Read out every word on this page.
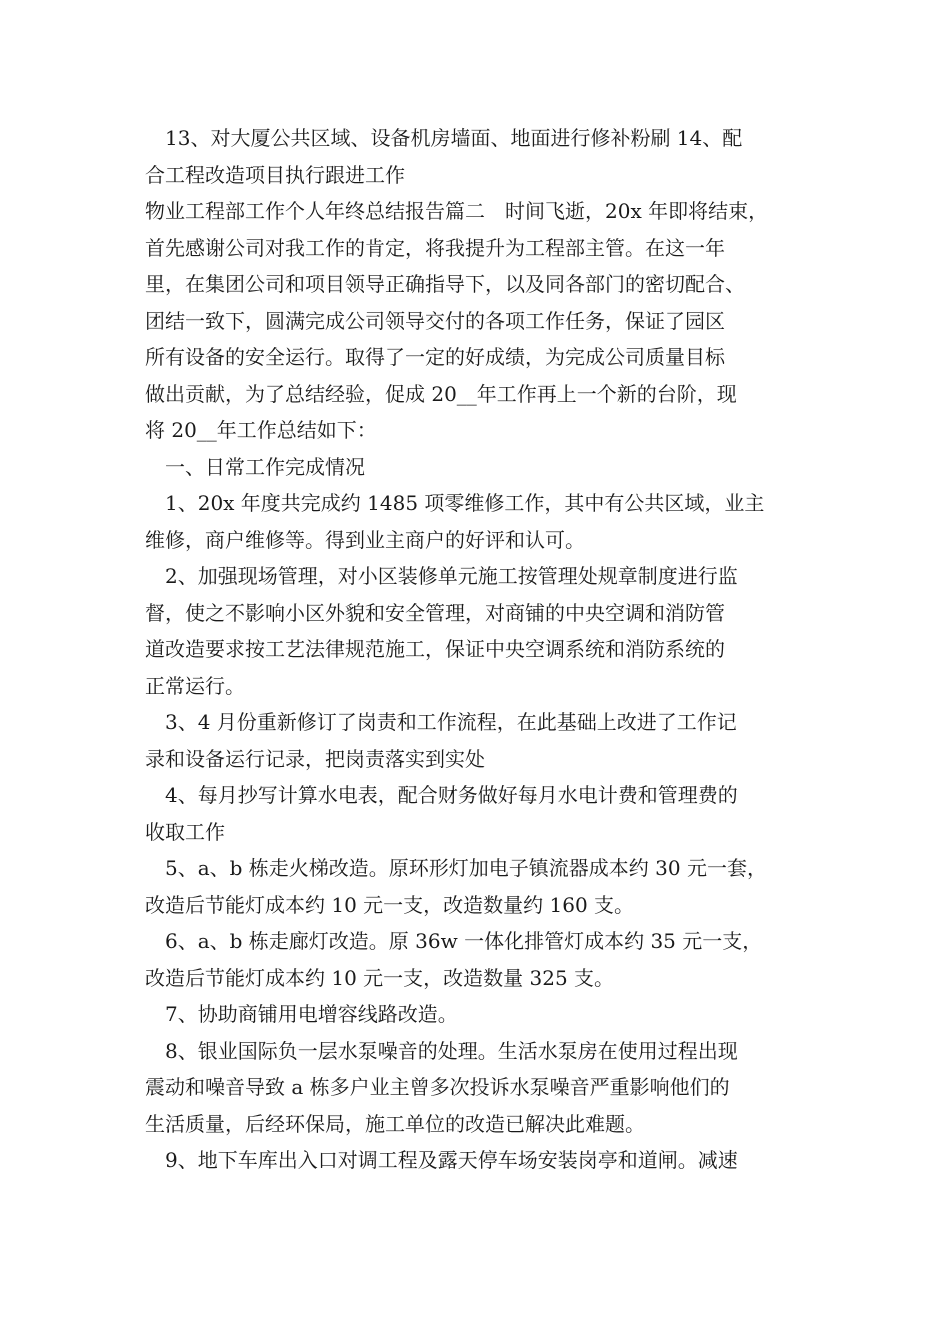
13、对大厦公共区域、设备机房墙面、地面进行修补粉刷 14、配
合工程改造项目执行跟进工作
物业工程部工作个人年终总结报告篇二　时间飞逝，20x 年即将结束，
首先感谢公司对我工作的肯定，将我提升为工程部主管。在这一年
里，在集团公司和项目领导正确指导下，以及同各部门的密切配合、
团结一致下，圆满完成公司领导交付的各项工作任务，保证了园区
所有设备的安全运行。取得了一定的好成绩，为完成公司质量目标
做出贡献，为了总结经验，促成 20__年工作再上一个新的台阶，现
将 20__年工作总结如下：
一、日常工作完成情况
1、20x 年度共完成约 1485 项零维修工作，其中有公共区域，业主
维修，商户维修等。得到业主商户的好评和认可。
2、加强现场管理，对小区装修单元施工按管理处规章制度进行监
督，使之不影响小区外貌和安全管理，对商铺的中央空调和消防管
道改造要求按工艺法律规范施工，保证中央空调系统和消防系统的
正常运行。
3、4 月份重新修订了岗责和工作流程，在此基础上改进了工作记
录和设备运行记录，把岗责落实到实处
4、每月抄写计算水电表，配合财务做好每月水电计费和管理费的
收取工作
5、a、b 栋走火梯改造。原环形灯加电子镇流器成本约 30 元一套，
改造后节能灯成本约 10 元一支，改造数量约 160 支。
6、a、b 栋走廊灯改造。原 36w 一体化排管灯成本约 35 元一支，
改造后节能灯成本约 10 元一支，改造数量 325 支。
7、协助商铺用电增容线路改造。
8、银业国际负一层水泵噪音的处理。生活水泵房在使用过程出现
震动和噪音导致 a 栋多户业主曾多次投诉水泵噪音严重影响他们的
生活质量，后经环保局，施工单位的改造已解决此难题。
9、地下车库出入口对调工程及露天停车场安装岗亭和道闸。减速
